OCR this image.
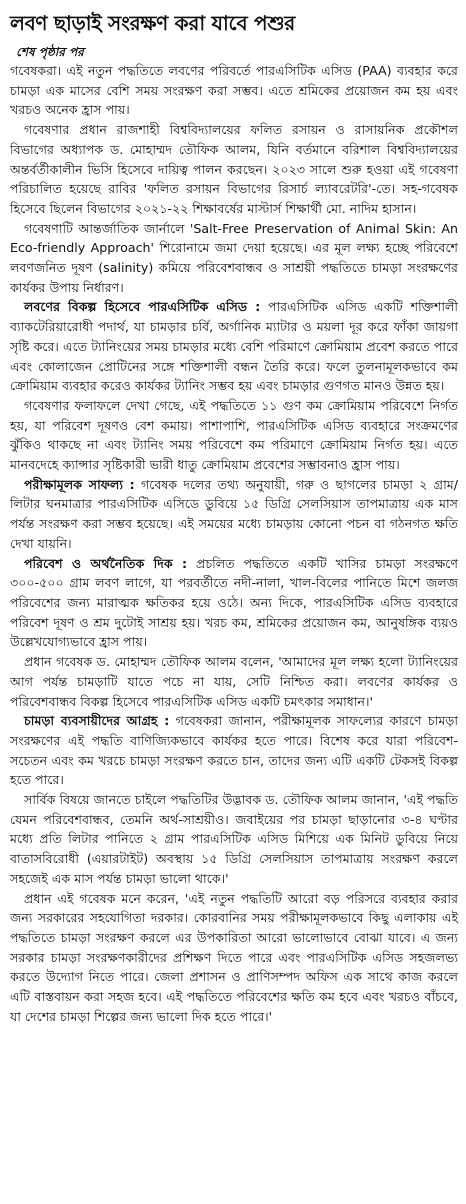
লবণ ছাড়াই সংরক্ষণ করা যাবে পশুর
শেষ পৃষ্ঠার পর

গবেষকরা। এই নতুন পদ্ধতিতে লবণের পরিবর্তে পারএসিটিক এসিড (PAA) ব্যবহার করে চামড়া এক মাসের বেশি সময় সংরক্ষণ করা সম্ভব। এতে শ্রমিকের প্রয়োজন কম হয় এবং খরচও অনেক হ্রাস পায়।

গবেষণার প্রধান রাজশাহী বিশ্ববিদ্যালয়ের ফলিত রসায়ন ও রাসায়নিক প্রকৌশল বিভাগের অধ্যাপক ড. মোহাম্মদ তৌফিক আলম, যিনি বর্তমানে বরিশাল বিশ্ববিদ্যালয়ের অন্তর্বর্তীকালীন ভিসি হিসেবে দায়িত্ব পালন করছেন। ২০২৩ সালে শুরু হওয়া এই গবেষণা পরিচালিত হয়েছে রাবির 'ফলিত রসায়ন বিভাগের রিসার্চ ল্যাবরেটরি'-তে। সহ-গবেষক হিসেবে ছিলেন বিভাগের ২০২১-২২ শিক্ষাবর্ষের মাস্টার্স শিক্ষার্থী মো. নাদিম হাসান।

গবেষণাটি আন্তর্জাতিক জার্নালে 'Salt-Free Preservation of Animal Skin: An Eco-friendly Approach' শিরোনামে জমা দেয়া হয়েছে। এর মূল লক্ষ্য হচ্ছে পরিবেশে লবণজনিত দূষণ (salinity) কমিয়ে পরিবেশবান্ধব ও সাশ্রয়ী পদ্ধতিতে চামড়া সংরক্ষণের কার্যকর উপায় নির্ধারণ।

লবণের বিকল্প হিসেবে পারএসিটিক এসিড : পারএসিটিক এসিড একটি শক্তিশালী ব্যাকটেরিয়ারোধী পদার্থ, যা চামড়ার চর্বি, অর্গানিক ম্যাটার ও ময়লা দূর করে ফাঁকা জায়গা সৃষ্টি করে। এতে ট্যানিংয়ের সময় চামড়ার মধ্যে বেশি পরিমাণে ক্রোমিয়াম প্রবেশ করতে পারে এবং কোলাজেন প্রোটিনের সঙ্গে শক্তিশালী বন্ধন তৈরি করে। ফলে তুলনামূলকভাবে কম ক্রোমিয়াম ব্যবহার করেও কার্যকর ট্যানিং সম্ভব হয় এবং চামড়ার গুণগত মানও উন্নত হয়।

গবেষণার ফলাফলে দেখা গেছে, এই পদ্ধতিতে ১১ গুণ কম ক্রোমিয়াম পরিবেশে নির্গত হয়, যা পরিবেশ দূষণও বেশ কমায়। পাশাপাশি, পারএসিটিক এসিড ব্যবহারে সংক্রমণের ঝুঁকিও থাকছে না এবং ট্যানিং সময় পরিবেশে কম পরিমাণে ক্রোমিয়াম নির্গত হয়। এতে মানবদেহে ক্যান্সার সৃষ্টিকারী ভারী ধাতু ক্রোমিয়াম প্রবেশের সম্ভাবনাও হ্রাস পায়।

পরীক্ষামূলক সাফল্য : গবেষক দলের তথ্য অনুযায়ী, গরু ও ছাগলের চামড়া ২ গ্রাম/লিটার ঘনমাত্রার পারএসিটিক এসিডে ডুবিয়ে ১৫ ডিগ্রি সেলসিয়াস তাপমাত্রায় এক মাস পর্যন্ত সংরক্ষণ করা সম্ভব হয়েছে। এই সময়ের মধ্যে চামড়ায় কোনো পচন বা গঠনগত ক্ষতি দেখা যায়নি।

পরিবেশ ও অর্থনৈতিক দিক : প্রচলিত পদ্ধতিতে একটি খাসির চামড়া সংরক্ষণে ৩০০-৫০০ গ্রাম লবণ লাগে, যা পরবর্তীতে নদী-নালা, খাল-বিলের পানিতে মিশে জলজ পরিবেশের জন্য মারাত্মক ক্ষতিকর হয়ে ওঠে। অন্য দিকে, পারএসিটিক এসিড ব্যবহারে পরিবেশ দূষণ ও শ্রম দুটোই সাশ্রয় হয়। খরচ কম, শ্রমিকের প্রয়োজন কম, আনুষঙ্গিক ব্যয়ও উল্লেখযোগ্যভাবে হ্রাস পায়।

প্রধান গবেষক ড. মোহাম্মদ তৌফিক আলম বলেন, 'আমাদের মূল লক্ষ্য হলো ট্যানিংয়ের আগ পর্যন্ত চামড়াটি যাতে পচে না যায়, সেটি নিশ্চিত করা। লবণের কার্যকর ও পরিবেশবান্ধব বিকল্প হিসেবে পারএসিটিক এসিড একটি চমৎকার সমাধান।'

চামড়া ব্যবসায়ীদের আগ্রহ : গবেষকরা জানান, পরীক্ষামূলক সাফল্যের কারণে চামড়া সংরক্ষণের এই পদ্ধতি বাণিজ্যিকভাবে কার্যকর হতে পারে। বিশেষ করে যারা পরিবেশ-সচেতন এবং কম খরচে চামড়া সংরক্ষণ করতে চান, তাদের জন্য এটি একটি টেকসই বিকল্প হতে পারে।

সার্বিক বিষয়ে জানতে চাইলে পদ্ধতিটির উদ্ভাবক ড. তৌফিক আলম জানান, 'এই পদ্ধতি যেমন পরিবেশবান্ধব, তেমনি অর্থ-সাশ্রয়ীও। জবাইয়ের পর চামড়া ছাড়ানোর ৩-৪ ঘণ্টার মধ্যে প্রতি লিটার পানিতে ২ গ্রাম পারএসিটিক এসিড মিশিয়ে এক মিনিট ডুবিয়ে নিয়ে বাতাসবিরোধী (এয়ারটাইট) অবস্থায় ১৫ ডিগ্রি সেলসিয়াস তাপমাত্রায় সংরক্ষণ করলে সহজেই এক মাস পর্যন্ত চামড়া ভালো থাকে।'

প্রধান এই গবেষক মনে করেন, 'এই নতুন পদ্ধতিটি আরো বড় পরিসরে ব্যবহার করার জন্য সরকারের সহযোগিতা দরকার। কোরবানির সময় পরীক্ষামূলকভাবে কিছু এলাকায় এই পদ্ধতিতে চামড়া সংরক্ষণ করলে এর উপকারিতা আরো ভালোভাবে বোঝা যাবে। এ জন্য সরকার চামড়া সংরক্ষণকারীদের প্রশিক্ষণ দিতে পারে এবং পারএসিটিক এসিড সহজলভ্য করতে উদ্যোগ নিতে পারে। জেলা প্রশাসন ও প্রাণিসম্পদ অফিস এক সাথে কাজ করলে এটি বাস্তবায়ন করা সহজ হবে। এই পদ্ধতিতে পরিবেশের ক্ষতি কম হবে এবং খরচও বাঁচবে, যা দেশের চামড়া শিল্পের জন্য ভালো দিক হতে পারে।'
